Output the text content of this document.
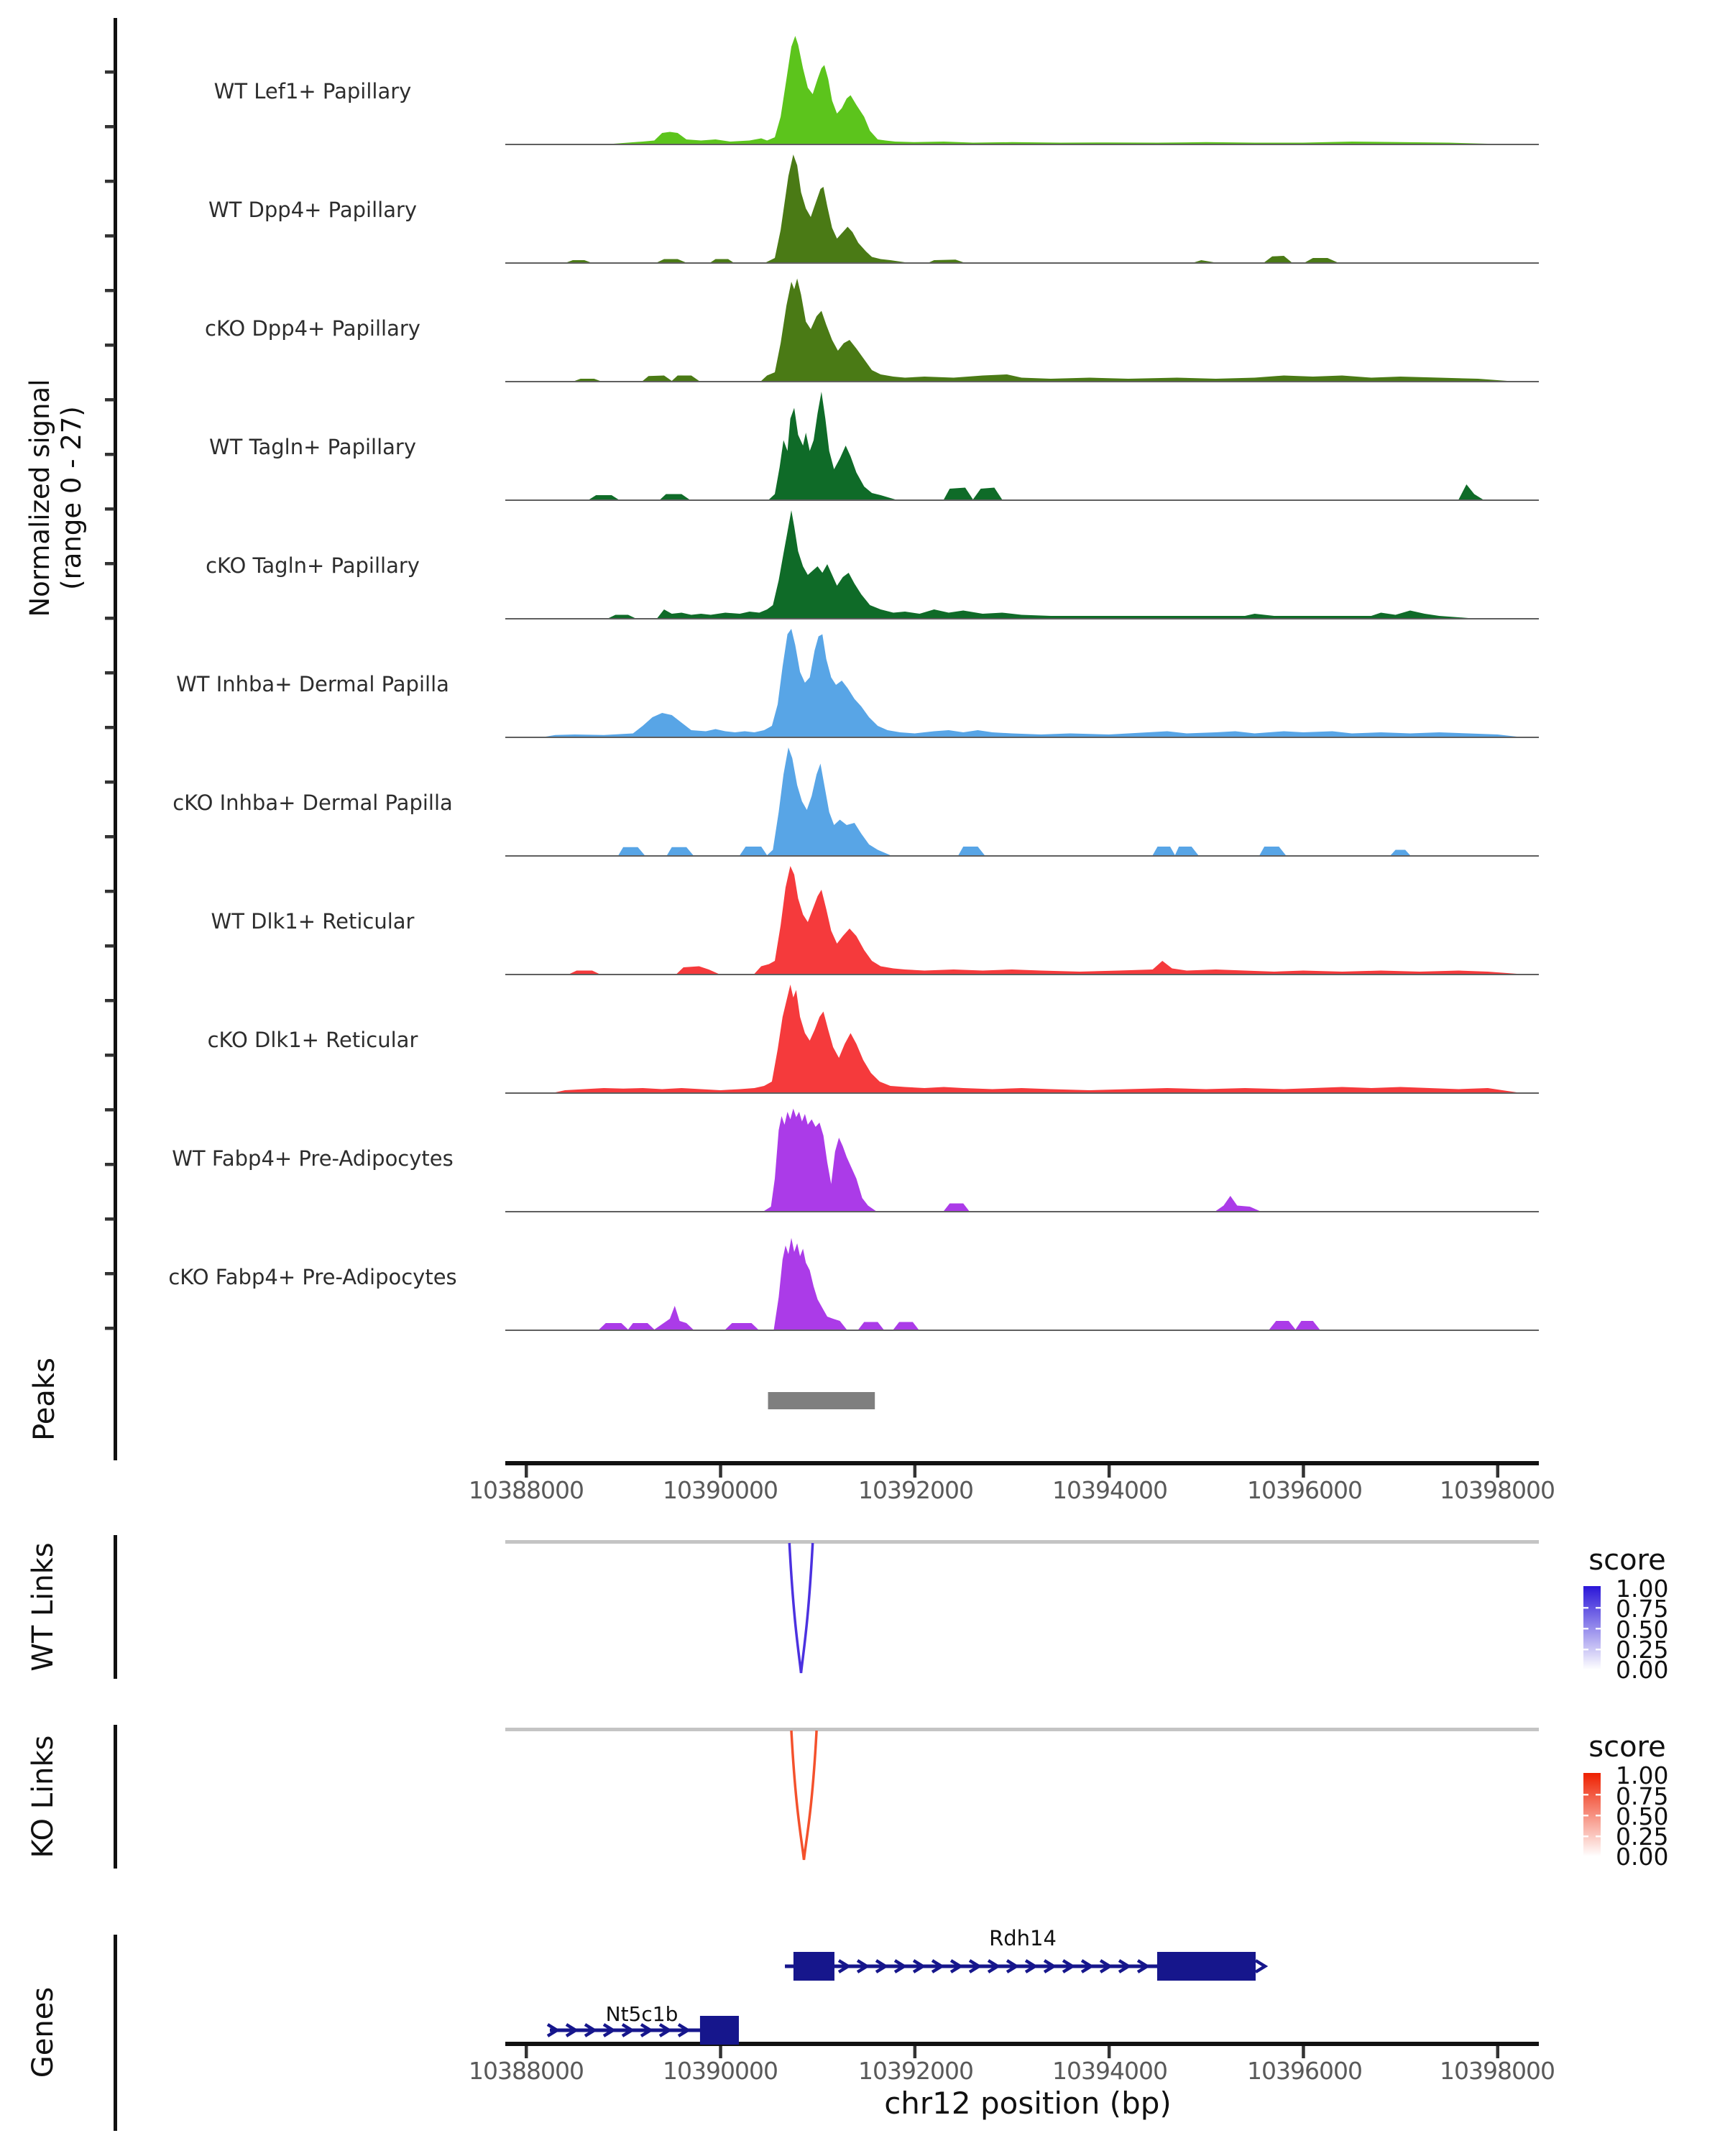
Normalized signal (range 0 - 27)
Peaks
WT Links
KO Links
Genes
WT Lef1+ Papillary
WT Dpp4+ Papillary
cKO Dpp4+ Papillary
WT Tagln+ Papillary
cKO Tagln+ Papillary
WT Inhba+ Dermal Papilla
cKO Inhba+ Dermal Papilla
WT Dlk1+ Reticular
cKO Dlk1+ Reticular
WT Fabp4+ Pre-Adipocytes
cKO Fabp4+ Pre-Adipocytes
10388000	10390000	10392000	10394000	10396000	10398000
10388000	10390000	10392000	10394000	10396000	10398000
chr12 position (bp)
score
1.00
0.75
0.50
0.25
0.00
score
1.00
0.75
0.50
0.25
0.00
Rdh14
Nt5c1b
